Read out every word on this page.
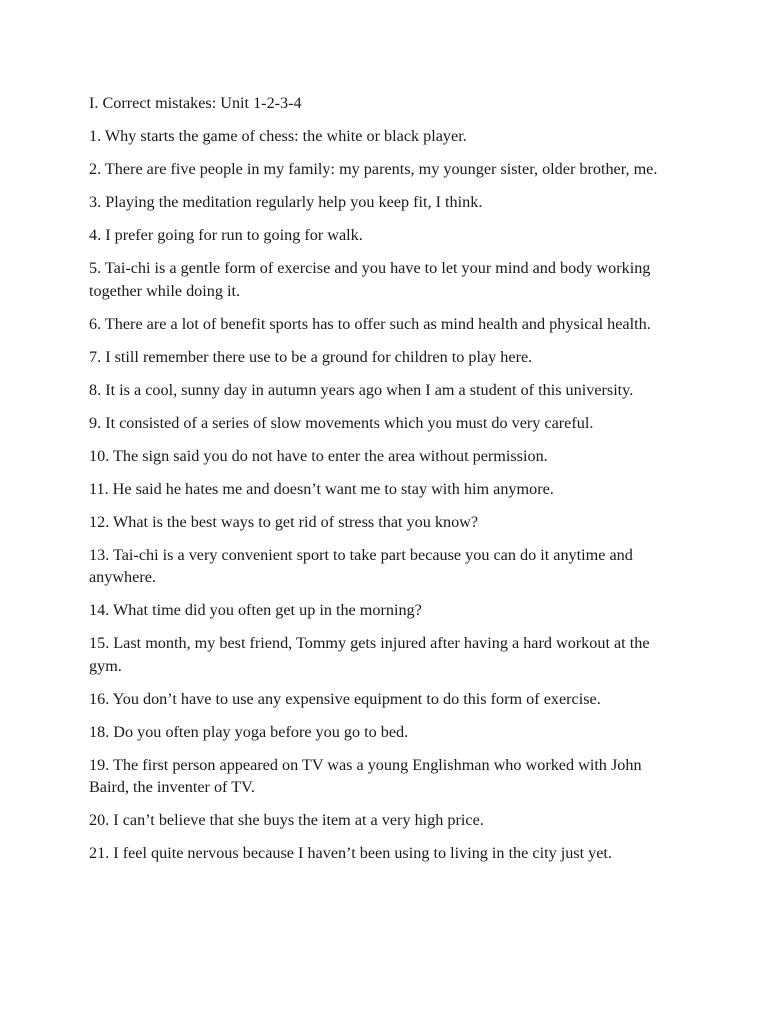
I. Correct mistakes: Unit 1-2-3-4

1. Why starts the game of chess: the white or black player.

2. There are five people in my family: my parents, my younger sister, older brother, me.

3. Playing the meditation regularly help you keep fit, I think.

4. I prefer going for run to going for walk.

5. Tai-chi is a gentle form of exercise and you have to let your mind and body working together while doing it.

6. There are a lot of benefit sports has to offer such as mind health and physical health.

7. I still remember there use to be a ground for children to play here.

8. It is a cool, sunny day in autumn years ago when I am a student of this university.

9. It consisted of a series of slow movements which you must do very careful.

10. The sign said you do not have to enter the area without permission.

11. He said he hates me and doesn’t want me to stay with him anymore.

12. What is the best ways to get rid of stress that you know?

13. Tai-chi is a very convenient sport to take part because you can do it anytime and anywhere.

14. What time did you often get up in the morning?

15. Last month, my best friend, Tommy gets injured after having a hard workout at the gym.

16. You don’t have to use any expensive equipment to do this form of exercise.

18. Do you often play yoga before you go to bed.

19. The first person appeared on TV was a young Englishman who worked with John Baird, the inventer of TV.

20. I can’t believe that she buys the item at a very high price.

21. I feel quite nervous because I haven’t been using to living in the city just yet.
